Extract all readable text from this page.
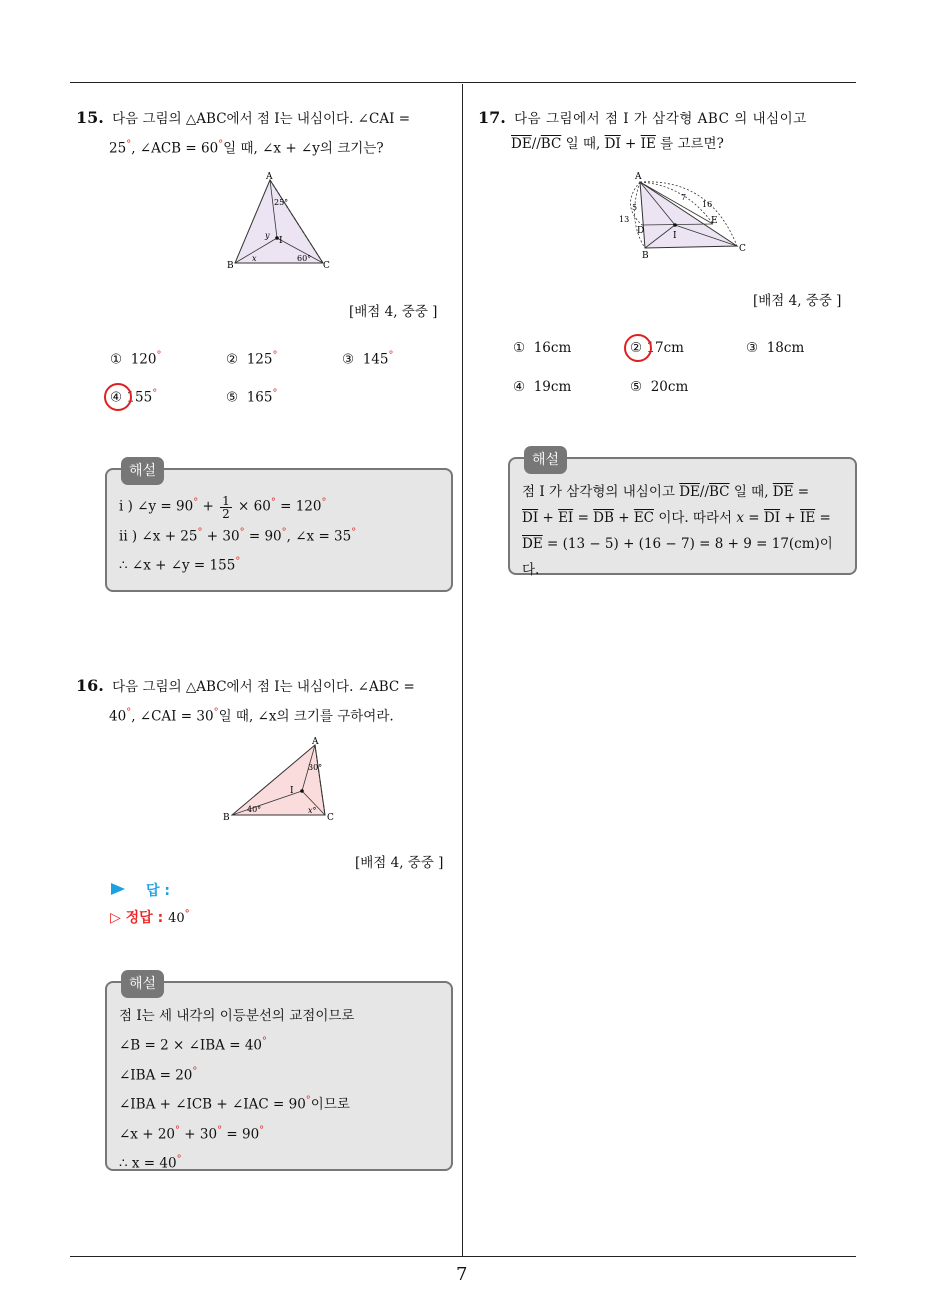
15. 다음 그림의 △ABC에서 점 I는 내심이다. ∠CAI =
25°, ∠ACB = 60°일 때, ∠x + ∠y의 크기는?
A
B	C
I
25°
60°
x
y
[배점 4, 중중 ]
① 120°	② 125°	③ 145°
④ 155°	⑤ 165°
해설
i ) ∠y = $90^\circ + \frac{1}{2} \times 60^\circ = 120^\circ$
ii ) ∠x + 25° + 30° = 90°, ∠x = 35°
∴ ∠x + ∠y = 155°
16. 다음 그림의 △ABC에서 점 I는 내심이다. ∠ABC =
40°, ∠CAI = 30°일 때, ∠x의 크기를 구하여라.
A
B	C
I
30°
40°	x°
[배점 4, 중중 ]
답 :
▷ 정답 : 40°
해설
점 I는 세 내각의 이등분선의 교점이므로
∠B = 2 × ∠IBA = 40°
∠IBA = 20°
∠IBA + ∠ICB + ∠IAC = 90°이므로
∠x + 20° + 30° = 90°
∴ x = 40°
17. 다음 그림에서 점 I 가 삼각형 ABC 의 내심이고
$\overline{DE}//\overline{BC}$ 일 때, $\overline{DI} + \overline{IE}$ 를 고르면?
A
B
C
D
E
I
13
5
7
16
[배점 4, 중중 ]
① 16cm	② 17cm	③ 18cm
④ 19cm	⑤ 20cm
해설
점 I 가 삼각형의 내심이고 $\overline{DE}//\overline{BC}$ 일 때, $\overline{DE}$ =
$\overline{DI} + \overline{EI} = \overline{DB} + \overline{EC}$ 이다. 따라서 $x = \overline{DI} + \overline{IE}$ =
$\overline{DE} = (13 - 5) + (16 - 7) = 8 + 9 = 17(cm)$이다.
7
